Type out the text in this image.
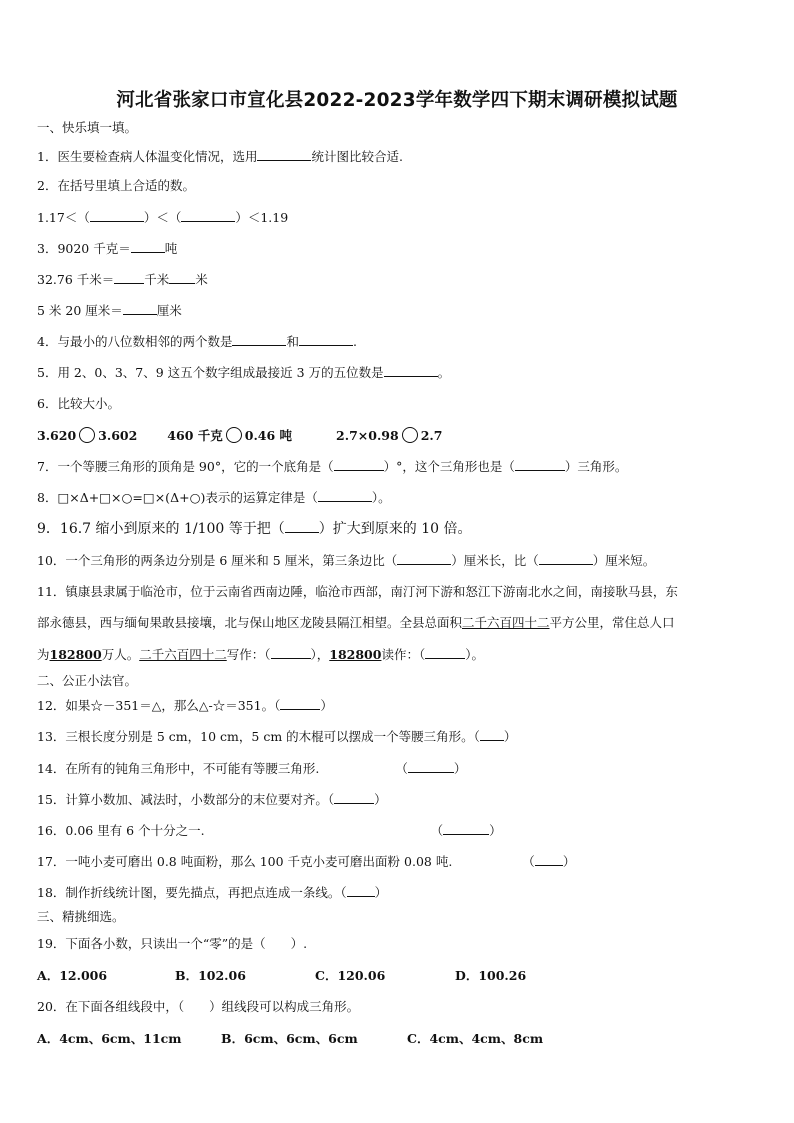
河北省张家口市宣化县2022-2023学年数学四下期末调研模拟试题
一、快乐填一填。
1．医生要检查病人体温变化情况，选用	统计图比较合适.
2．在括号里填上合适的数。
1.17＜（	）＜（	）＜1.19
3．9020 千克＝	吨
32.76 千米＝ 千米 米
5 米 20 厘米＝	厘米
4．与最小的八位数相邻的两个数是	和	.
5．用 2、0、3、7、9 这五个数字组成最接近 3 万的五位数是	。
6．比较大小。
3.620 3.602 460 千克 0.46 吨	2.7×0.98 2.7
7．一个等腰三角形的顶角是 90°，它的一个底角是（	）°，这个三角形也是（	）三角形。
8．□×Δ+□×○=□×(Δ+○)表示的运算定律是（	）。
9．16.7 缩小到原来的 1/100 等于把（ ）扩大到原来的 10 倍。
10．一个三角形的两条边分别是 6 厘米和 5 厘米，第三条边比（	）厘米长，比（	）厘米短。
11．镇康县隶属于临沧市，位于云南省西南边陲，临沧市西部，南汀河下游和怒江下游南北水之间，南接耿马县，东
部永德县，西与缅甸果敢县接壤，北与保山地区龙陵县隔江相望。全县总面积二千六百四十二平方公里，常住总人口
为182800万人。二千六百四十二写作：（	），182800读作：（	）。
二、公正小法官。
12．如果☆－351＝△，那么△-☆＝351。（	）
13．三根长度分别是 5 cm，10 cm，5 cm 的木棍可以摆成一个等腰三角形。（ ）
14．在所有的钝角三角形中，不可能有等腰三角形.	（	）
15．计算小数加、减法时，小数部分的末位要对齐。（	）
16．0.06 里有 6 个十分之一.	（	）
17．一吨小麦可磨出 0.8 吨面粉，那么 100 千克小麦可磨出面粉 0.08 吨.	（ ）
18．制作折线统计图，要先描点，再把点连成一条线。（ ）
三、精挑细选。
19．下面各小数，只读出一个“零”的是（　　）.
A．12.006	B．102.06	C．120.06	D．100.26
20．在下面各组线段中，（　　）组线段可以构成三角形。
A．4cm、6cm、11cm	B．6cm、6cm、6cm	C．4cm、4cm、8cm
